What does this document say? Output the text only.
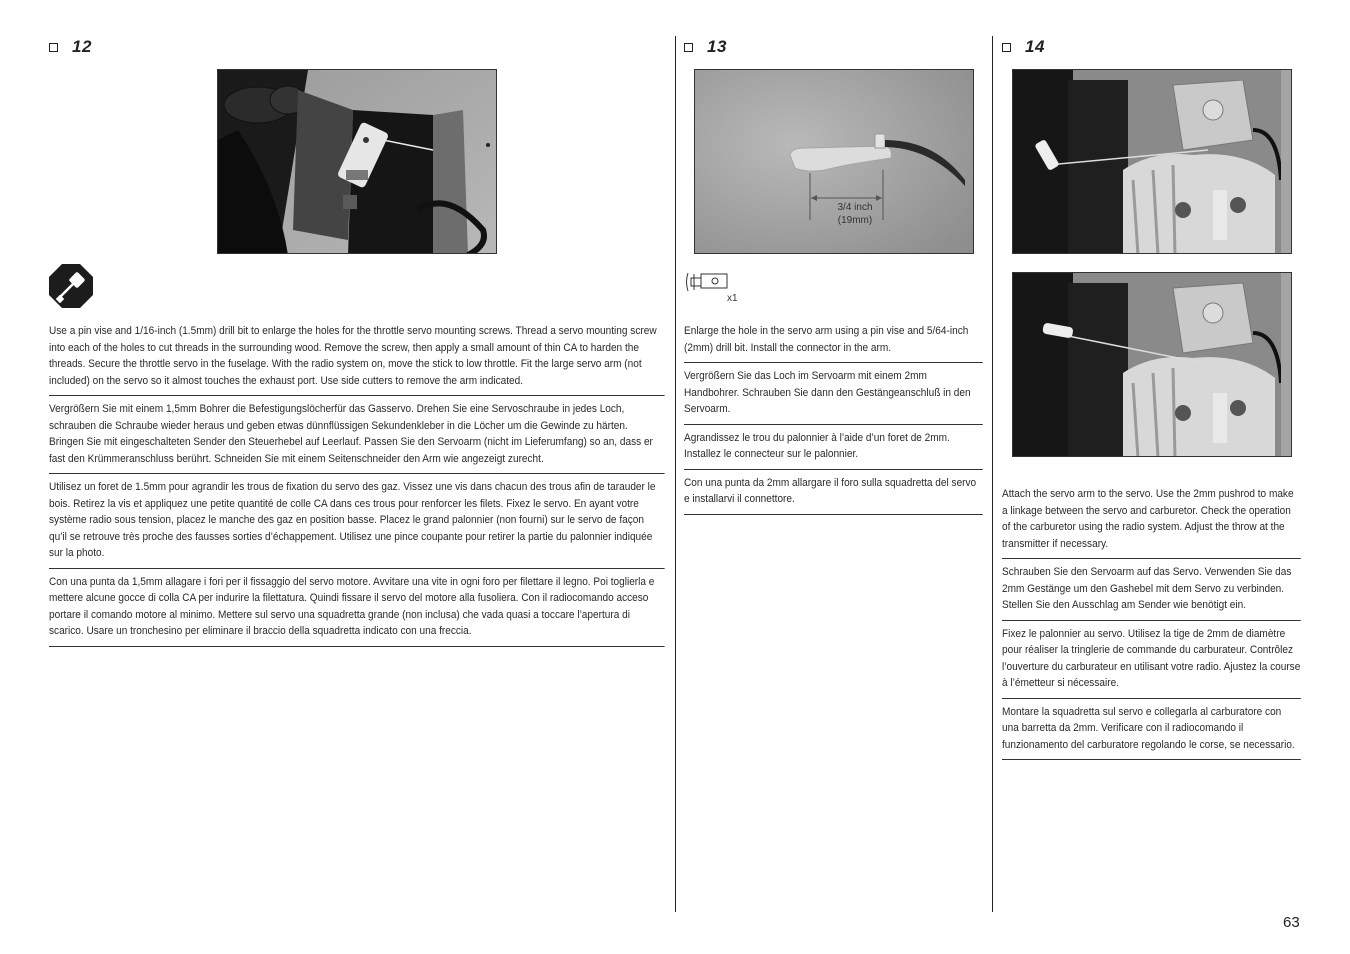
12
Use a pin vise and 1/16-inch (1.5mm) drill bit to enlarge the holes for the throttle servo mounting screws. Thread a servo mounting screw into each of the holes to cut threads in the surrounding wood. Remove the screw, then apply a small amount of thin CA to harden the threads. Secure the throttle servo in the fuselage. With the radio system on, move the stick to low throttle. Fit the large servo arm (not included) on the servo so it almost touches the exhaust port. Use side cutters to remove the arm indicated.
Vergrößern Sie mit einem 1,5mm Bohrer die Befestigungslöcherfür das Gasservo. Drehen Sie eine Servoschraube in jedes Loch, schrauben die Schraube wieder heraus und geben etwas dünnflüssigen Sekundenkleber in die Löcher um die Gewinde zu härten. Bringen Sie mit eingeschalteten Sender den Steuerhebel auf Leerlauf. Passen Sie den Servoarm (nicht im Lieferumfang) so an, dass er fast den Krümmeranschluss berührt. Schneiden Sie mit einem Seitenschneider den Arm wie angezeigt zurecht.
Utilisez un foret de 1.5mm pour agrandir les trous de fixation du servo des gaz. Vissez une vis dans chacun des trous afin de tarauder le bois. Retirez la vis et appliquez une petite quantité de colle CA dans ces trous pour renforcer les filets. Fixez le servo. En ayant votre système radio sous tension, placez le manche des gaz en position basse. Placez le grand palonnier (non fourni) sur le servo de façon qu’il se retrouve très proche des fausses sorties d’échappement. Utilisez une pince coupante pour retirer la partie du palonnier indiquée sur la photo.
Con una punta da 1,5mm allagare i fori per il fissaggio del servo motore. Avvitare una vite in ogni foro per filettare il legno. Poi toglierla e mettere alcune gocce di colla CA per indurire la filettatura. Quindi fissare il servo del motore alla fusoliera. Con il radiocomando acceso portare il comando motore al minimo. Mettere sul servo una squadretta grande (non inclusa) che vada quasi a toccare l’apertura di scarico. Usare un tronchesino per eliminare il braccio della squadretta indicato con una freccia.
13
3/4 inch
(19mm)
x1
Enlarge the hole in the servo arm using a pin vise and 5/64-inch (2mm) drill bit. Install the connector in the arm.
Vergrößern Sie das Loch im Servoarm mit einem 2mm Handbohrer. Schrauben Sie dann den Gestängeanschluß in den Servoarm.
Agrandissez le trou du palonnier à l’aide d’un foret de 2mm. Installez le connecteur sur le palonnier.
Con una punta da 2mm allargare il foro sulla squadretta del servo e installarvi il connettore.
14
Attach the servo arm to the servo. Use the 2mm pushrod to make a linkage between the servo and carburetor. Check the operation of the carburetor using the radio system. Adjust the throw at the transmitter if necessary.
Schrauben Sie den Servoarm auf das Servo. Verwenden Sie das 2mm Gestänge um den Gashebel mit dem Servo zu verbinden. Stellen Sie den Ausschlag am Sender wie benötigt ein.
Fixez le palonnier au servo. Utilisez la tige de 2mm de diamètre pour réaliser la tringlerie de commande du carburateur. Contrôlez l’ouverture du carburateur en utilisant votre radio. Ajustez la course à l’émetteur si nécessaire.
Montare la squadretta sul servo e collegarla al carburatore con una barretta da 2mm. Verificare con il radiocomando il funzionamento del carburatore regolando le corse, se necessario.
63
